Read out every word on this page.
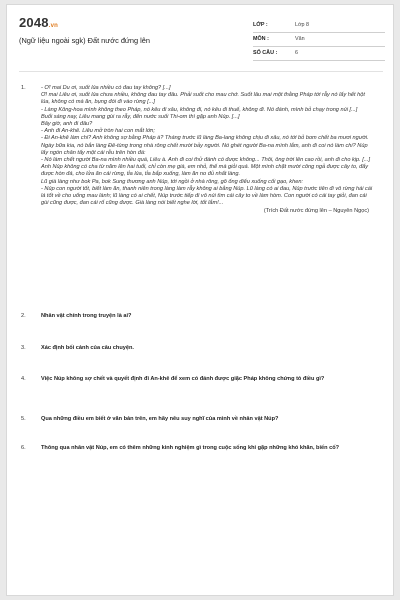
2048.vn
(Ngữ liệu ngoài sgk) Đất nước đứng lên
LỚP :	Lớp 8
MÔN :	Văn
SỐ CÂU :	6
1.	- Ơ! mai Du ơi, suốt lúa nhiều có đau tay không? [...]

Ơ! mai Liêu ơi, suốt lúa chưa nhiều, không đau tay đâu. Phải suốt cho mau chớ. Suốt lâu mai một thằng Pháp tới rẫy nó lấy hết hột lúa, không có mà ăn, bụng đói đi vào rừng [...]

- Làng Kông-hoa mình không theo Pháp, nó kêu đi xâu, không đi, nó kêu đi thuế, không đi. Nó đánh, mình bỏ chạy trong núi [...]

Buổi sáng nay, Liêu mang gùi ra rẫy, đến nước suối Thi-om thì gặp anh Núp. [...]

Bây giờ, anh đi đâu?

- Anh đi An-khê. Liêu mở tròn hai con mắt lớn;

- Đi An-khê làm chi? Anh không sợ bằng Pháp à? Tháng trước lũ làng Ba-lang không chịu đi xâu, nó tới bỏ bom chết ba mươi người. Ngày bữa kia, nó bắn làng Đê-tùng trong nhà rông chết mười bảy người. Nó ghét người Ba-na mình lắm, anh đi coi nó làm chi? Núp lấy ngón chân tấy một cái rễu trên hòn đá:

- Nó làm chết người Ba-na mình nhiều quá, Liêu à. Anh đi coi thử đánh có được không... Thôi, ông trời lên cao rồi, anh đi cho kịp. [...] Anh Núp không có cha từ năm lên hai tuổi, chỉ còn mẹ già, em nhỏ, thế mà giỏi quá. Một mình chặt mười công ngả được cây to, đẩy được hòn đá, cho lửa ăn cái rừng, tỉa lúa, tỉa bắp xuống, làm ăn no đủ nhất làng.

Lũ già làng như bok Pa, bok Sung thương anh Núp, tới ngồi ở nhà rông, gõ ống điếu xuống cối gạo, khen:

- Núp con người tốt, biết làm ăn, thanh niên trong làng làm rẫy không ai bằng Núp. Lũ làng có ai đau, Núp trước tiên đi vô rừng hái cái lá tốt về cho uống mau lành; lũ làng có ai chết, Núp trước tiếp đi vô núi tìm cái cây to về làm hòm. Con người có cái tay giỏi, đan cái gùi cũng được, đan cái rổ cũng được. Già làng nói biết nghe lời, tốt lắm!...

(Trích Đất nước đứng lên – Nguyên Ngọc)
2.	Nhân vật chính trong truyện là ai?
3.	Xác định bối cảnh của câu chuyện.
4.	Việc Núp không sợ chết và quyết định đi An-khê để xem có đánh được giặc Pháp không chứng tỏ điều gì?
5.	Qua những điều em biết ở văn bản trên, em hãy nêu suy nghĩ của mình về nhân vật Núp?
6.	Thông qua nhân vật Núp, em có thêm những kinh nghiệm gì trong cuộc sống khi gặp những khó khăn, biến cố?
